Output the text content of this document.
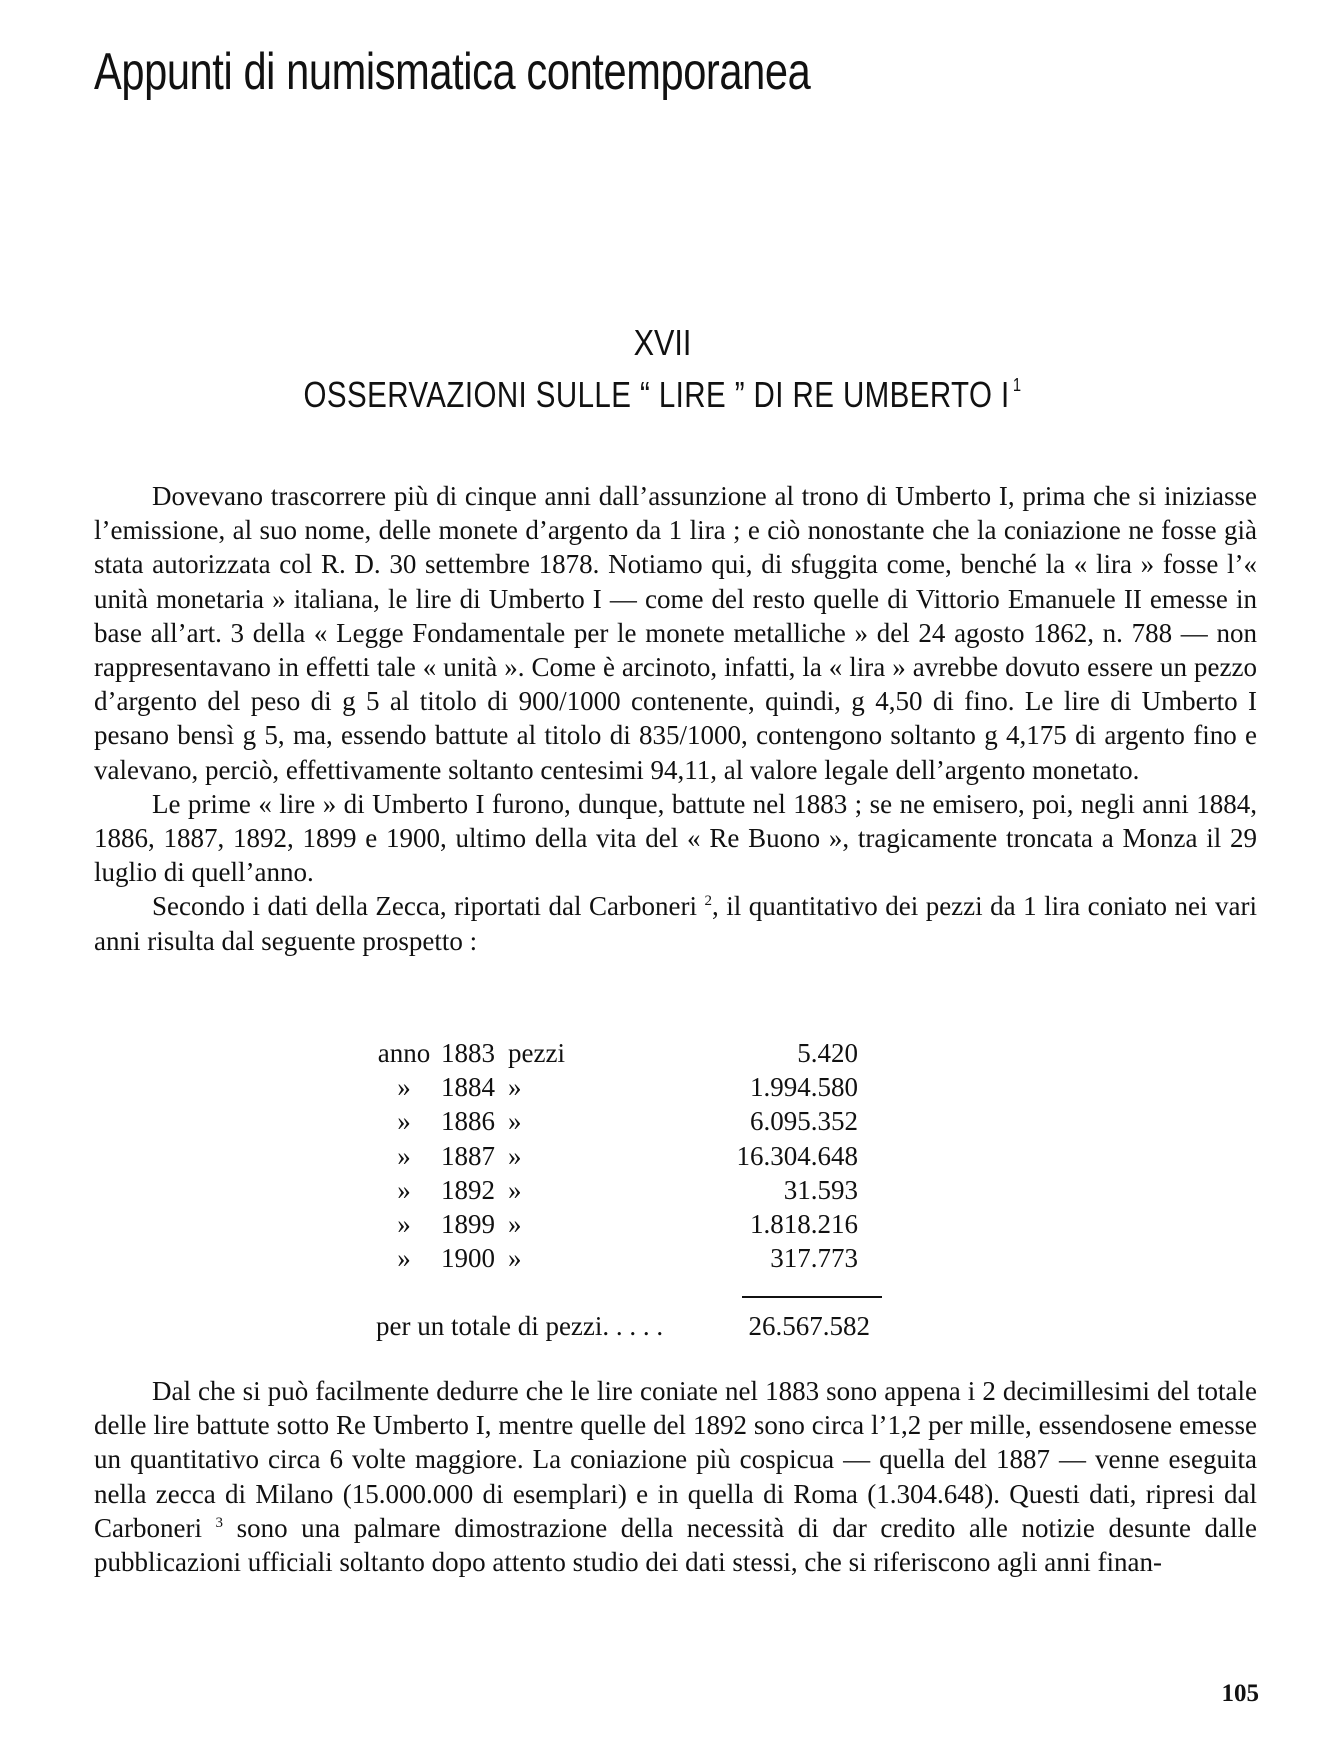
Appunti di numismatica contemporanea
XVII
OSSERVAZIONI SULLE “ LIRE ” DI RE UMBERTO I $^1$

Dovevano trascorrere più di cinque anni dall’assunzione al trono di Umberto I, prima che si iniziasse l’emissione, al suo nome, delle monete d’argento da 1 lira ; e ciò nonostante che la coniazione ne fosse già stata autorizzata col R. D. 30 settembre 1878. Notiamo qui, di sfuggita come, benché la « lira » fosse l’« unità monetaria » italiana, le lire di Umberto I — come del resto quelle di Vittorio Emanuele II emesse in base all’art. 3 della « Legge Fondamentale per le monete metalliche » del 24 agosto 1862, n. 788 — non rappresentavano in effetti tale « unità ». Come è arcinoto, infatti, la « lira » avrebbe dovuto essere un pezzo d’argento del peso di g 5 al titolo di 900/1000 contenente, quindi, g 4,50 di fino. Le lire di Umberto I pesano bensì g 5, ma, essendo battute al titolo di 835/1000, contengono soltanto g 4,175 di argento fino e valevano, perciò, effettivamente soltanto centesimi 94,11, al valore legale dell’argento monetato.

Le prime « lire » di Umberto I furono, dunque, battute nel 1883 ; se ne emisero, poi, negli anni 1884, 1886, 1887, 1892, 1899 e 1900, ultimo della vita del « Re Buono », tragicamente troncata a Monza il 29 luglio di quell’anno.

Secondo i dati della Zecca, riportati dal Carboneri $^2$, il quantitativo dei pezzi da 1 lira coniato nei vari anni risulta dal seguente prospetto :

anno	1883	pezzi	5.420
»	1884	»	1.994.580
»	1886	»	6.095.352
»	1887	»	16.304.648
»	1892	»	31.593
»	1899	»	1.818.216
»	1900	»	317.773
per un totale di pezzi. . . . .	26.567.582

Dal che si può facilmente dedurre che le lire coniate nel 1883 sono appena i 2 decimillesimi del totale delle lire battute sotto Re Umberto I, mentre quelle del 1892 sono circa l’1,2 per mille, essendosene emesse un quantitativo circa 6 volte maggiore. La coniazione più cospicua — quella del 1887 — venne eseguita nella zecca di Milano (15.000.000 di esemplari) e in quella di Roma (1.304.648). Questi dati, ripresi dal Carboneri $^3$ sono una palmare dimostrazione della necessità di dar credito alle notizie desunte dalle pubblicazioni ufficiali soltanto dopo attento studio dei dati stessi, che si riferiscono agli anni finan-

105
